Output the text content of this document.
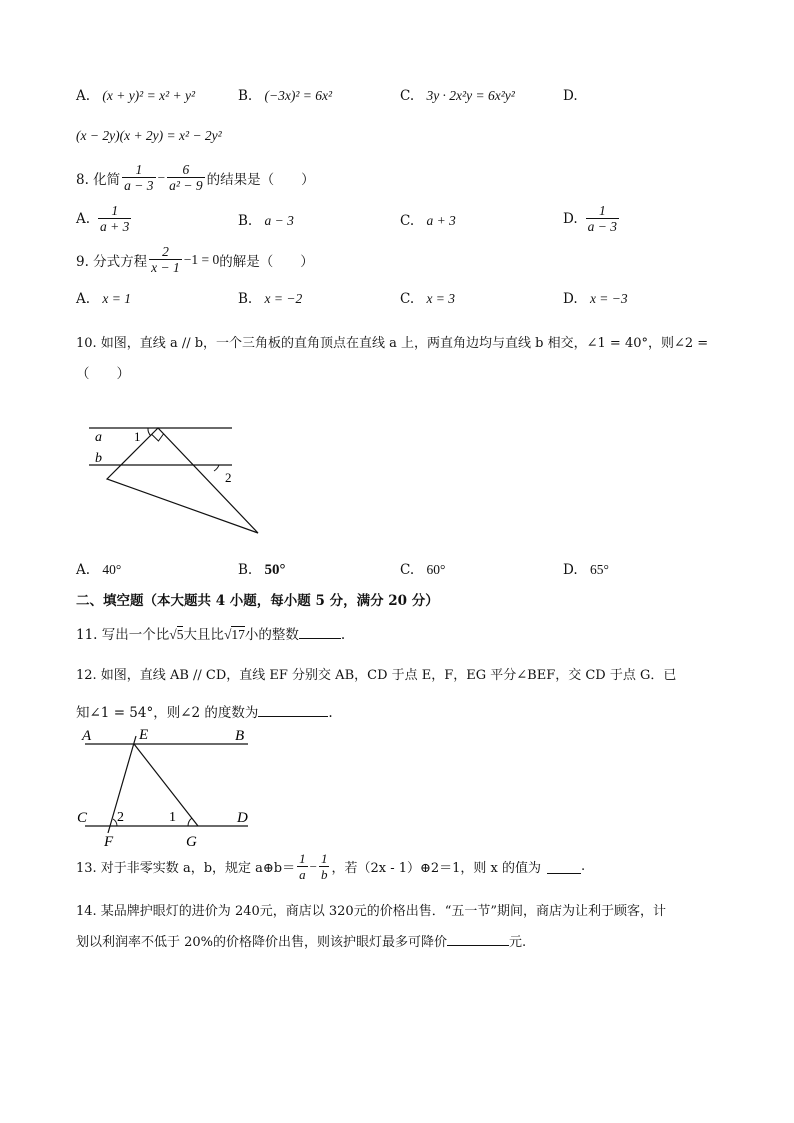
A. (x + y)² = x² + y²	B. (−3x)² = 6x²	C. 3y · 2x²y = 6x²y²	D.
(x − 2y)(x + 2y) = x² − 2y²
8. 化简 $\frac{1}{a - 3} - \frac{6}{\text{a² − 9}}$ 的结果是（　　）
A. $\frac{1}{a + 3}$	B. a − 3	C. a + 3	D. $\frac{1}{a - 3}$
9. 分式方程 $\frac{2}{x - 1} -1 = 0$ 的解是（　　）
A. x = 1	B. x = −2	C. x = 3	D. x = −3
10. 如图，直线 a // b，一个三角板的直角顶点在直线 a 上，两直角边均与直线 b 相交，∠1 = 40°，则∠2 =
（　　）
a
b
1
2
A. 40°	B. 50°	C. 60°	D. 65°
二、填空题（本大题共 4 小题，每小题 5 分，满分 20 分）
11. 写出一个比√5大且比√17小的整数	.
12. 如图，直线 AB // CD，直线 EF 分别交 AB，CD 于点 E，F，EG 平分∠BEF，交 CD 于点 G．已
知∠1 = 54°，则∠2 的度数为	.
A	E	B
C 2	1	D
F	G
13. 对于非零实数 a，b，规定 a⊕b＝ $\frac{1}{a} - \frac{1}{b}$ ，若（2x - 1）⊕2＝1，则 x 的值为	.
14. 某品牌护眼灯的进价为 240元，商店以 320元的价格出售．“五一节”期间，商店为让利于顾客，计
划以利润率不低于 20%的价格降价出售，则该护眼灯最多可降价	元.
